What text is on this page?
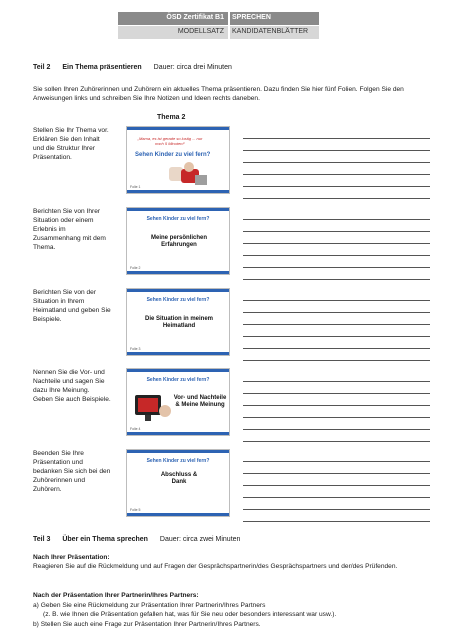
ÖSD Zertifikat B1	SPRECHEN
MODELLSATZ	KANDIDATENBLÄTTER
Teil 2 Ein Thema präsentieren Dauer: circa drei Minuten
Sie sollen Ihren Zuhörerinnen und Zuhörern ein aktuelles Thema präsentieren. Dazu finden Sie hier fünf Folien. Folgen Sie den Anweisungen links und schreiben Sie Ihre Notizen und Ideen rechts daneben.
Thema 2
Stellen Sie Ihr Thema vor. Erklären Sie den Inhalt und die Struktur Ihrer Präsentation.
Berichten Sie von Ihrer Situation oder einem Erlebnis im Zusammenhang mit dem Thema.
Berichten Sie von der Situation in Ihrem Heimatland und geben Sie Beispiele.
Nennen Sie die Vor- und Nachteile und sagen Sie dazu Ihre Meinung. Geben Sie auch Beispiele.
Beenden Sie Ihre Präsentation und bedanken Sie sich bei den Zuhörerinnen und Zuhörern.
„Mama, es ist gerade so lustig ... nur noch 5 Minuten!“
Sehen Kinder zu viel fern?
Folie 1
Sehen Kinder zu viel fern?
Meine persönlichen Erfahrungen
Folie 2
Sehen Kinder zu viel fern?
Die Situation in meinem Heimatland
Folie 3
Sehen Kinder zu viel fern?
Vor- und Nachteile & Meine Meinung
Folie 4
Sehen Kinder zu viel fern?
Abschluss & Dank
Folie 5
Teil 3 Über ein Thema sprechen Dauer: circa zwei Minuten
Nach Ihrer Präsentation:
Reagieren Sie auf die Rückmeldung und auf Fragen der Gesprächspartnerin/des Gesprächspartners und der/des Prüfenden.
Nach der Präsentation Ihrer Partnerin/Ihres Partners:
a) Geben Sie eine Rückmeldung zur Präsentation Ihrer Partnerin/Ihres Partners
(z. B. wie Ihnen die Präsentation gefallen hat, was für Sie neu oder besonders interessant war usw.).
b) Stellen Sie auch eine Frage zur Präsentation Ihrer Partnerin/Ihres Partners.
